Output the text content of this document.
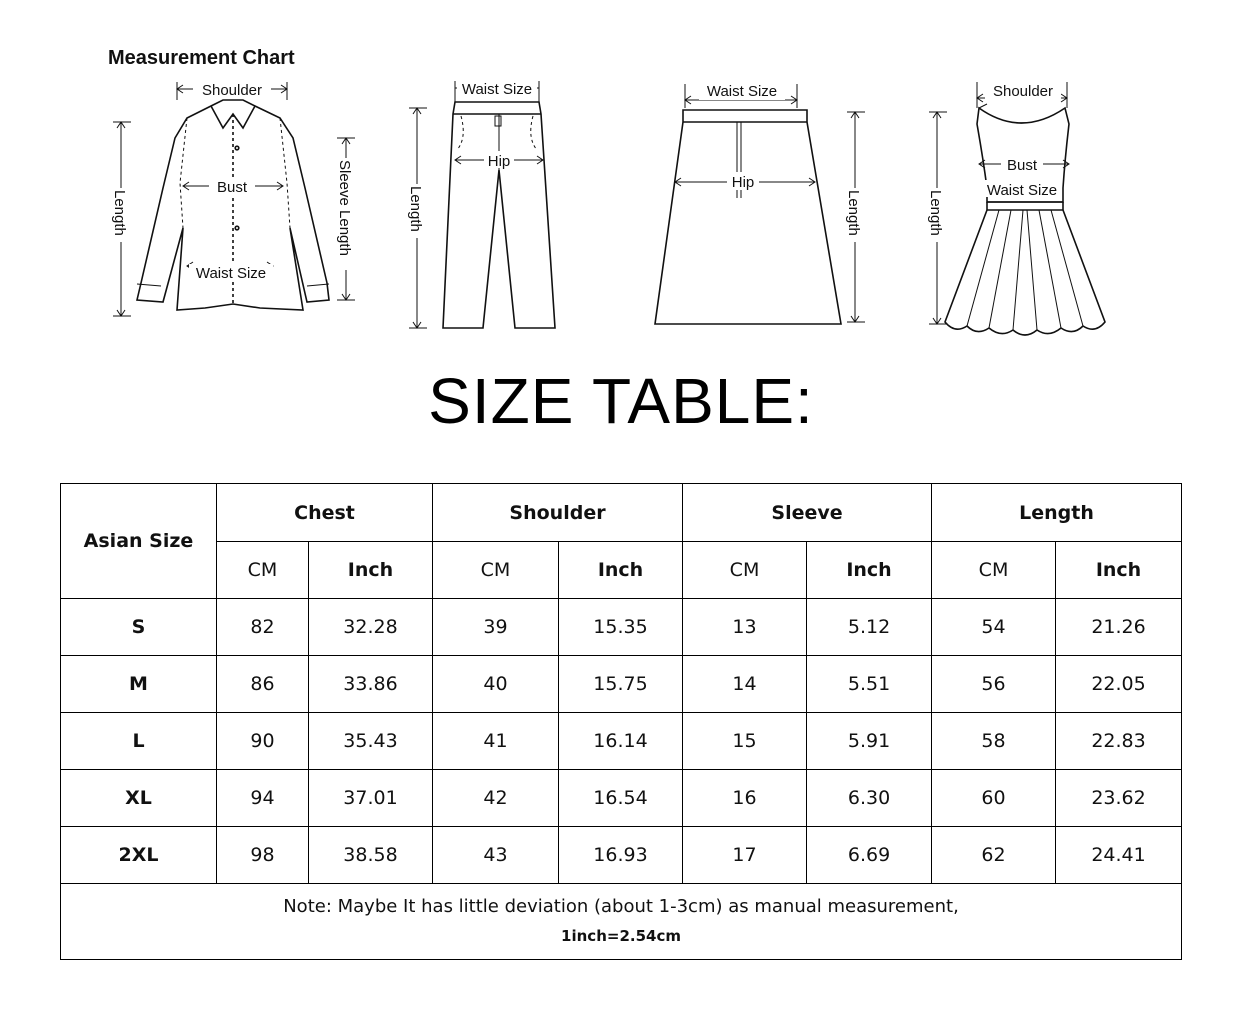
Measurement Chart
Shoulder
Bust
Waist Size
Length	Sleeve Length
Waist Size
Hip
Length
Waist Size
Hip
Length
Shoulder
Bust
Waist Size
Length
SIZE TABLE:
Asian Size	Chest		Shoulder		Sleeve		Length	
	CM	Inch	CM	Inch	CM	Inch	CM	Inch
S	82	32.28	39	15.35	13	5.12	54	21.26
M	86	33.86	40	15.75	14	5.51	56	22.05
L	90	35.43	41	16.14	15	5.91	58	22.83
XL	94	37.01	42	16.54	16	6.30	60	23.62
2XL	98	38.58	43	16.93	17	6.69	62	24.41

Note: Maybe It has little deviation (about 1-3cm) as manual measurement,
1inch=2.54cm								
